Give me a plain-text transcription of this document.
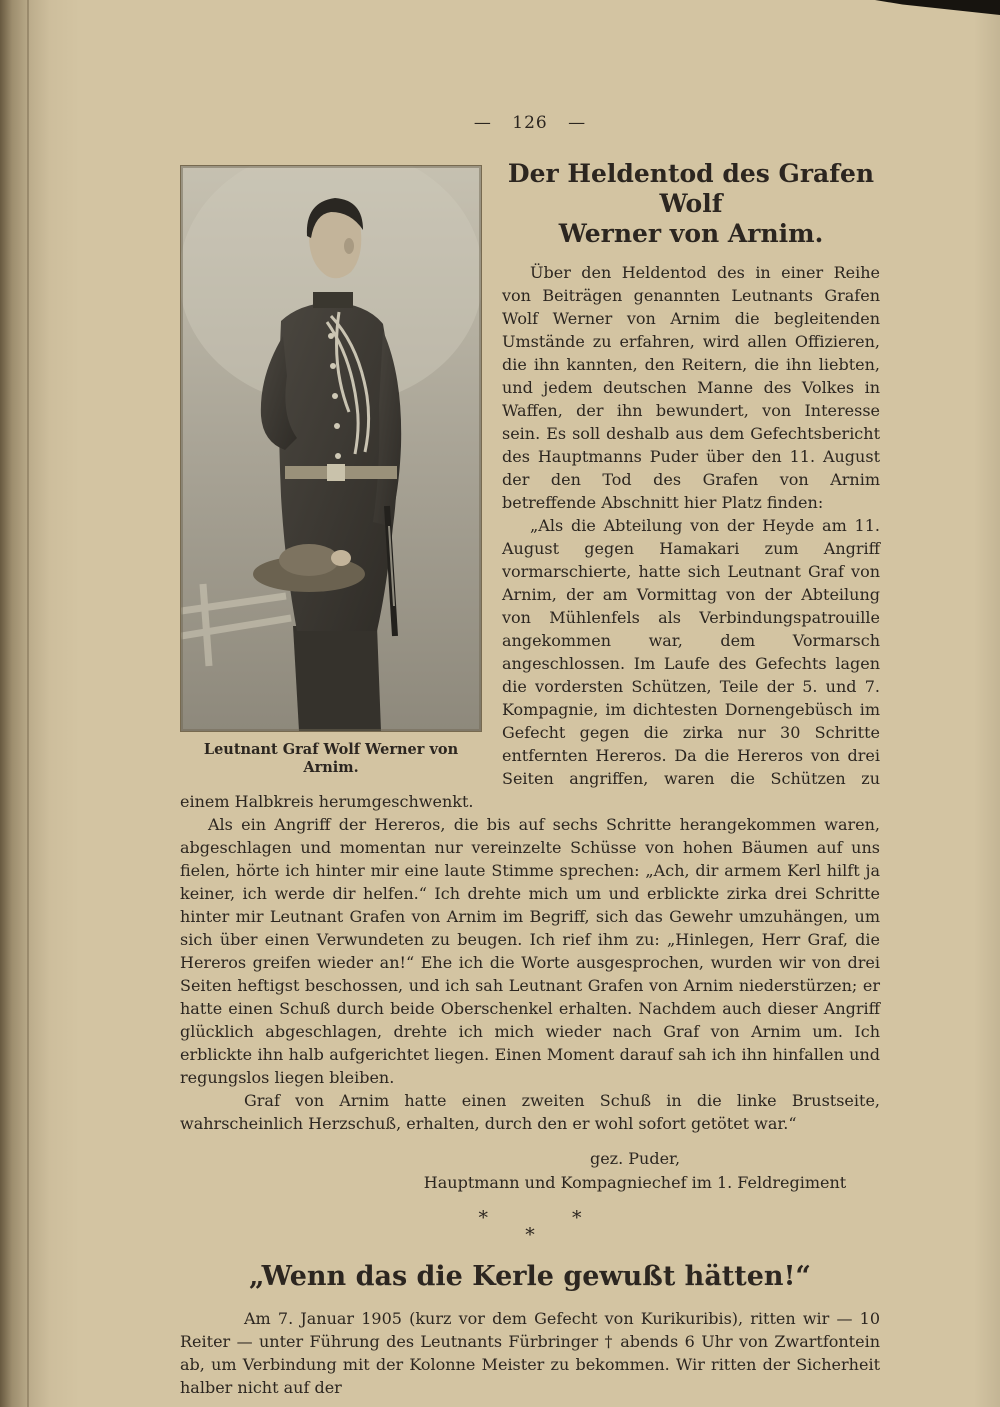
— 126 —
Leutnant Graf Wolf Werner von Arnim.
Der Heldentod des Grafen Wolf
Werner von Arnim.

Über den Heldentod des in einer Reihe von Beiträgen genannten Leutnants Grafen Wolf Werner von Arnim die begleitenden Umstände zu erfahren, wird allen Offizieren, die ihn kannten, den Reitern, die ihn liebten, und jedem deutschen Manne des Volkes in Waffen, der ihn bewundert, von Interesse sein. Es soll deshalb aus dem Gefechtsbericht des Hauptmanns Puder über den 11. August der den Tod des Grafen von Arnim betreffende Abschnitt hier Platz finden:

„Als die Abteilung von der Heyde am 11. August gegen Hamakari zum Angriff vormarschierte, hatte sich Leutnant Graf von Arnim, der am Vormittag von der Abteilung von Mühlenfels als Verbindungspatrouille angekommen war, dem Vormarsch angeschlossen. Im Laufe des Gefechts lagen die vordersten Schützen, Teile der 5. und 7. Kompagnie, im dichtesten Dornengebüsch im Gefecht gegen die zirka nur 30 Schritte entfernten Hereros. Da die Hereros von drei Seiten angriffen, waren die Schützen zu einem Halbkreis herumgeschwenkt.

Als ein Angriff der Hereros, die bis auf sechs Schritte herangekommen waren, abgeschlagen und momentan nur vereinzelte Schüsse von hohen Bäumen auf uns fielen, hörte ich hinter mir eine laute Stimme sprechen: „Ach, dir armem Kerl hilft ja keiner, ich werde dir helfen.“ Ich drehte mich um und erblickte zirka drei Schritte hinter mir Leutnant Grafen von Arnim im Begriff, sich das Gewehr umzuhängen, um sich über einen Verwundeten zu beugen. Ich rief ihm zu: „Hinlegen, Herr Graf, die Hereros greifen wieder an!“ Ehe ich die Worte ausgesprochen, wurden wir von drei Seiten heftigst beschossen, und ich sah Leutnant Grafen von Arnim niederstürzen; er hatte einen Schuß durch beide Oberschenkel erhalten. Nachdem auch dieser Angriff glücklich abgeschlagen, drehte ich mich wieder nach Graf von Arnim um. Ich erblickte ihn halb aufgerichtet liegen. Einen Moment darauf sah ich ihn hinfallen und regungslos liegen bleiben.

Graf von Arnim hatte einen zweiten Schuß in die linke Brustseite, wahrscheinlich Herzschuß, erhalten, durch den er wohl sofort getötet war.“

gez. Puder,
Hauptmann und Kompagniechef im 1. Feldregiment
*	*
*
„Wenn das die Kerle gewußt hätten!“

Am 7. Januar 1905 (kurz vor dem Gefecht von Kurikuribis), ritten wir — 10 Reiter — unter Führung des Leutnants Fürbringer † abends 6 Uhr von Zwartfontein ab, um Verbindung mit der Kolonne Meister zu bekommen. Wir ritten der Sicherheit halber nicht auf der
